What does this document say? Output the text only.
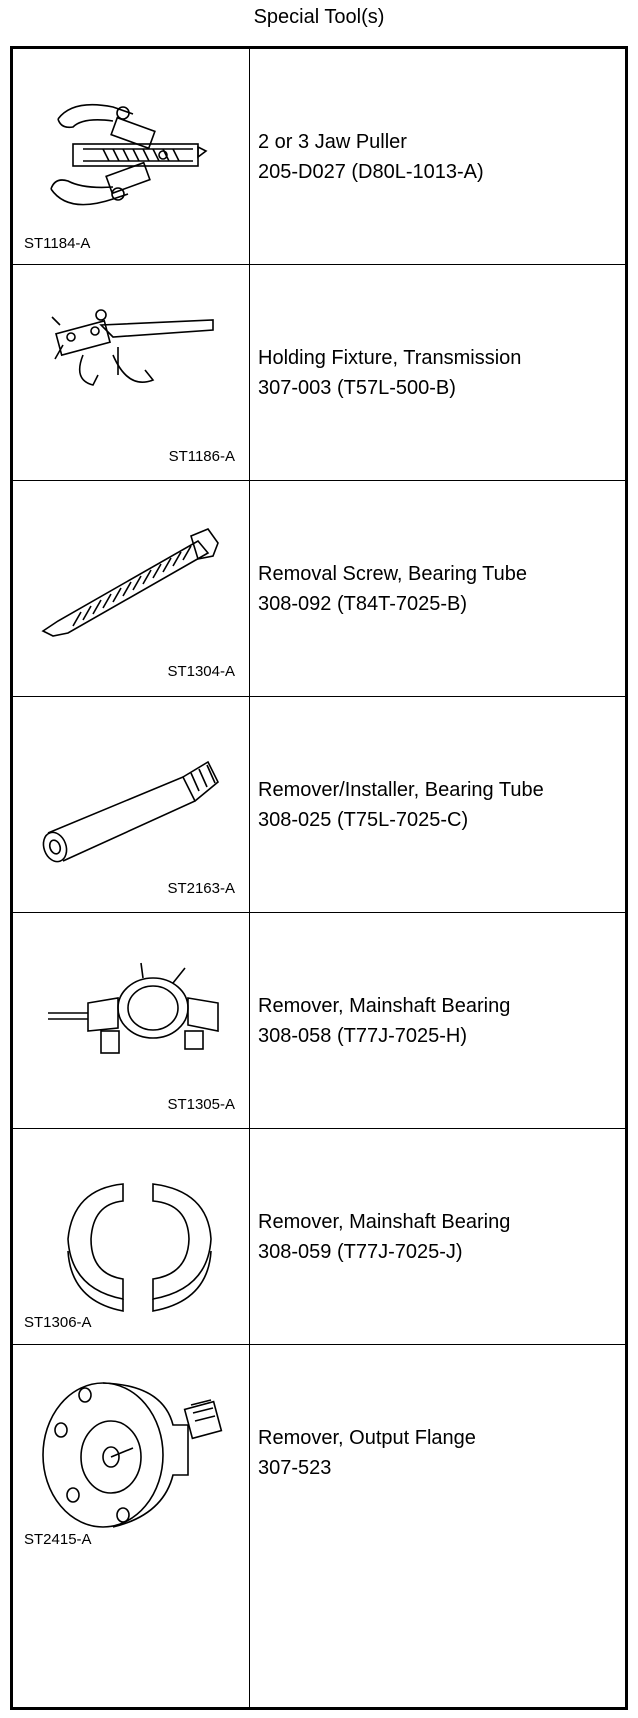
Special Tool(s)
ST1184-A
2 or 3 Jaw Puller
205-D027 (D80L-1013-A)
ST1186-A
Holding Fixture, Transmission
307-003 (T57L-500-B)
ST1304-A
Removal Screw, Bearing Tube
308-092 (T84T-7025-B)
ST2163-A
Remover/Installer, Bearing Tube
308-025 (T75L-7025-C)
ST1305-A
Remover, Mainshaft Bearing
308-058 (T77J-7025-H)
ST1306-A
Remover, Mainshaft Bearing
308-059 (T77J-7025-J)
ST2415-A
Remover, Output Flange
307-523
